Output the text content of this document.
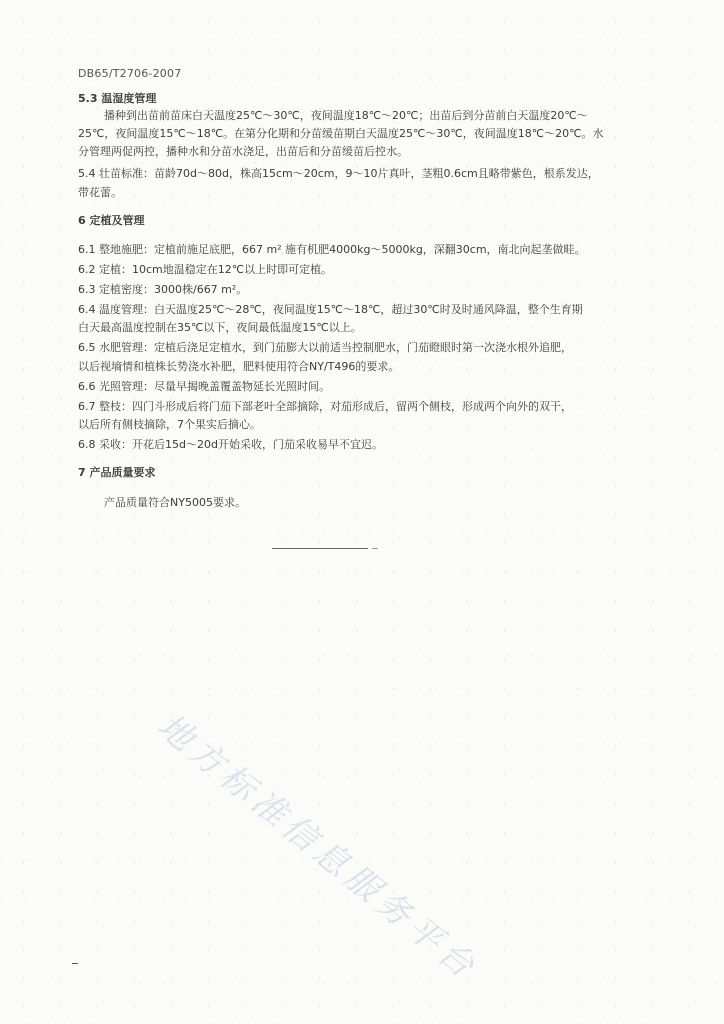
DB65/T2706-2007
5.3 温湿度管理
播种到出苗前苗床白天温度25℃～30℃，夜间温度18℃～20℃；出苗后到分苗前白天温度20℃～
25℃，夜间温度15℃～18℃。在第分化期和分苗缓苗期白天温度25℃～30℃，夜间温度18℃～20℃。水
分管理两促两控，播种水和分苗水浇足，出苗后和分苗缓苗后控水。
5.4 壮苗标准：苗龄70d～80d，株高15cm～20cm，9～10片真叶，茎粗0.6cm且略带紫色，根系发达，
带花蕾。
6 定植及管理
6.1 整地施肥：定植前施足底肥，667 m² 施有机肥4000kg～5000kg，深翻30cm，南北向起垄做畦。
6.2 定植：10cm地温稳定在12℃以上时即可定植。
6.3 定植密度：3000株/667 m²。
6.4 温度管理：白天温度25℃～28℃，夜间温度15℃～18℃，超过30℃时及时通风降温，整个生育期
白天最高温度控制在35℃以下，夜间最低温度15℃以上。
6.5 水肥管理：定植后浇足定植水，到门茄膨大以前适当控制肥水，门茄瞪眼时第一次浇水根外追肥，
以后视墒情和植株长势浇水补肥，肥料使用符合NY/T496的要求。
6.6 光照管理：尽量早揭晚盖覆盖物延长光照时间。
6.7 整枝：四门斗形成后将门茄下部老叶全部摘除，对茄形成后，留两个侧枝，形成两个向外的双干，
以后所有侧枝摘除，7个果实后摘心。
6.8 采收：开花后15d～20d开始采收，门茄采收易早不宜迟。
7 产品质量要求
产品质量符合NY5005要求。
地方标准信息服务平台
